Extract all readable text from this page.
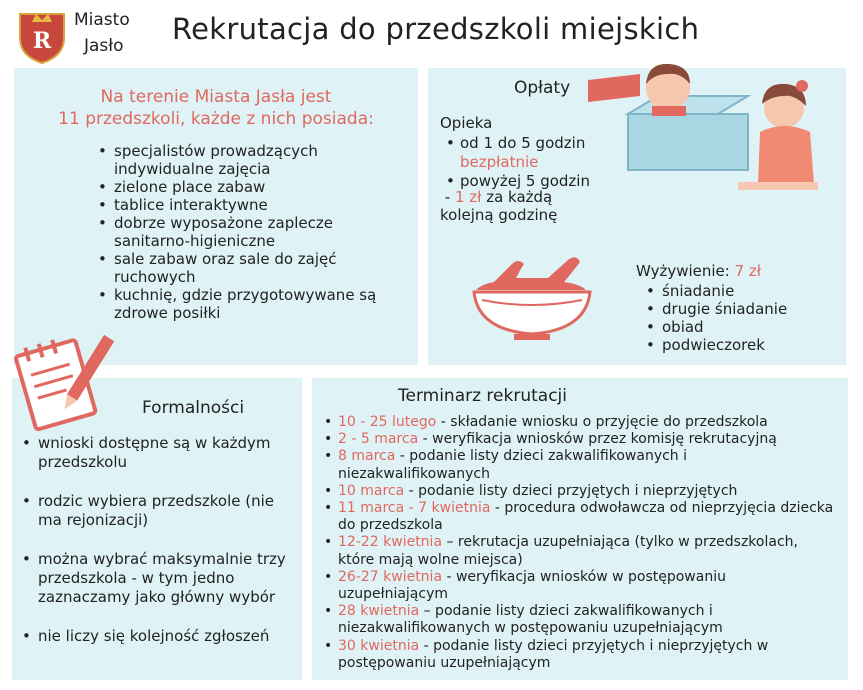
R
Miasto
Jasło Rekrutacja do przedszkoli miejskich
Na terenie Miasta Jasła jest
11 przedszkoli, każde z nich posiada:
• specjalistów prowadzących indywidualne zajęcia
• zielone place zabaw
• tablice interaktywne
• dobrze wyposażone zaplecze sanitarno-higieniczne
• sale zabaw oraz sale do zajęć ruchowych
• kuchnię, gdzie przygotowywane są zdrowe posiłki
Opłaty
Opieka
• od 1 do 5 godzin
bezpłatnie
• powyżej 5 godzin
- 1 zł za każdą kolejną godzinę
Wyżywienie: 7 zł
• śniadanie
• drugie śniadanie
• obiad
• podwieczorek
Formalności
• wnioski dostępne są w każdym przedszkolu
• rodzic wybiera przedszkole (nie ma rejonizacji)
• można wybrać maksymalnie trzy przedszkola - w tym jedno zaznaczamy jako główny wybór
• nie liczy się kolejność zgłoszeń
Terminarz rekrutacji
• 10 - 25 lutego - składanie wniosku o przyjęcie do przedszkola
• 2 - 5 marca - weryfikacja wniosków przez komisję rekrutacyjną
• 8 marca - podanie listy dzieci zakwalifikowanych i niezakwalifikowanych
• 10 marca - podanie listy dzieci przyjętych i nieprzyjętych
• 11 marca - 7 kwietnia - procedura odwoławcza od nieprzyjęcia dziecka do przedszkola
• 12-22 kwietnia – rekrutacja uzupełniająca (tylko w przedszkolach, które mają wolne miejsca)
• 26-27 kwietnia - weryfikacja wniosków w postępowaniu uzupełniającym
• 28 kwietnia – podanie listy dzieci zakwalifikowanych i niezakwalifikowanych w postępowaniu uzupełniającym
• 30 kwietnia - podanie listy dzieci przyjętych i nieprzyjętych w postępowaniu uzupełniającym
